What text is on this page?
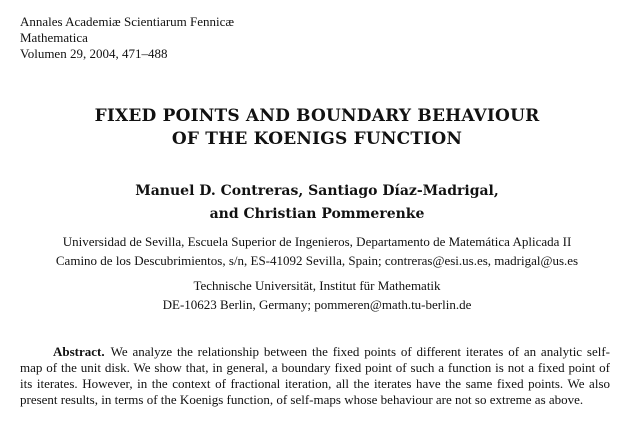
Annales Academiæ Scientiarum Fennicæ
Mathematica
Volumen 29, 2004, 471–488
FIXED POINTS AND BOUNDARY BEHAVIOUR
OF THE KOENIGS FUNCTION
Manuel D. Contreras, Santiago Díaz-Madrigal,
and Christian Pommerenke
Universidad de Sevilla, Escuela Superior de Ingenieros, Departamento de Matemática Aplicada II
Camino de los Descubrimientos, s/n, ES-41092 Sevilla, Spain; contreras@esi.us.es, madrigal@us.es
Technische Universität, Institut für Mathematik
DE-10623 Berlin, Germany; pommeren@math.tu-berlin.de
Abstract. We analyze the relationship between the fixed points of different iterates of an analytic self-map of the unit disk. We show that, in general, a boundary fixed point of such a function is not a fixed point of its iterates. However, in the context of fractional iteration, all the iterates have the same fixed points. We also present results, in terms of the Koenigs function, of self-maps whose behaviour are not so extreme as above.
